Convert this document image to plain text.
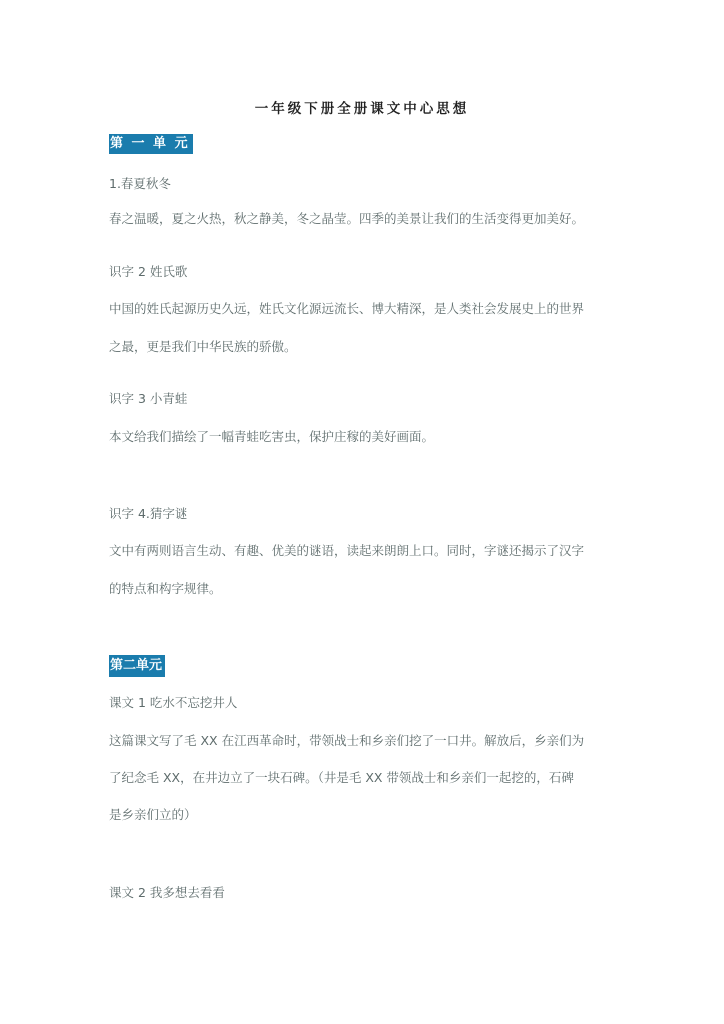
一年级下册全册课文中心思想
第 一 单 元
1.春夏秋冬
春之温暖，夏之火热，秋之静美，冬之晶莹。四季的美景让我们的生活变得更加美好。
识字 2 姓氏歌
中国的姓氏起源历史久远，姓氏文化源远流长、博大精深，是人类社会发展史上的世界
之最，更是我们中华民族的骄傲。
识字 3 小青蛙
本文给我们描绘了一幅青蛙吃害虫，保护庄稼的美好画面。
识字 4.猜字谜
文中有两则语言生动、有趣、优美的谜语，读起来朗朗上口。同时，字谜还揭示了汉字
的特点和构字规律。
第二单元
课文 1 吃水不忘挖井人
这篇课文写了毛 XX 在江西革命时，带领战士和乡亲们挖了一口井。解放后，乡亲们为
了纪念毛 XX，在井边立了一块石碑。（井是毛 XX 带领战士和乡亲们一起挖的，石碑
是乡亲们立的）
课文 2 我多想去看看
